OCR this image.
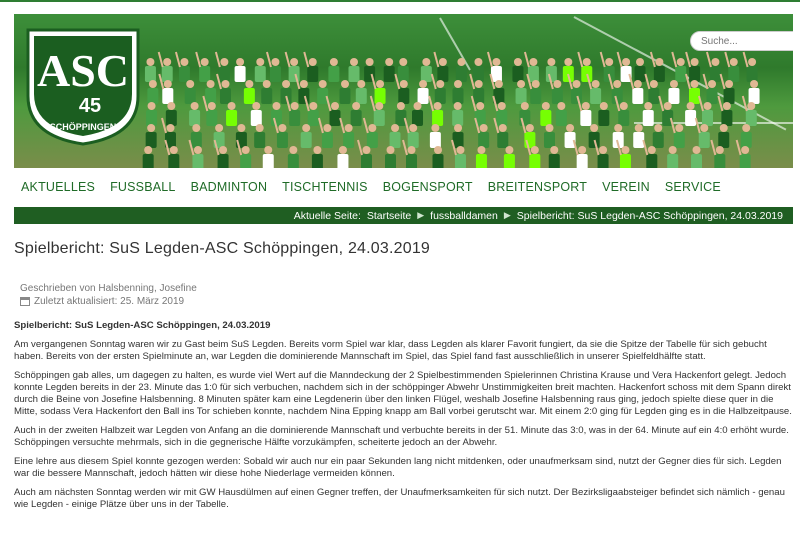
ASC
45
SCHÖPPINGEN
Suche...
AKTUELLES	FUSSBALL	BADMINTON	TISCHTENNIS	BOGENSPORT	BREITENSPORT	VEREIN	SERVICE
Aktuelle Seite: Startseite ▶ fussballdamen ▶ Spielbericht: SuS Legden-ASC Schöppingen, 24.03.2019
Spielbericht: SuS Legden-ASC Schöppingen, 24.03.2019
Geschrieben von Halsbenning, Josefine
Zuletzt aktualisiert: 25. März 2019
Spielbericht: SuS Legden-ASC Schöppingen, 24.03.2019

Am vergangenen Sonntag waren wir zu Gast beim SuS Legden. Bereits vorm Spiel war klar, dass Legden als klarer Favorit fungiert, da sie die Spitze der Tabelle für sich gebucht haben. Bereits von der ersten Spielminute an, war Legden die dominierende Mannschaft im Spiel, das Spiel fand fast ausschließlich in unserer Spielfeldhälfte statt.

Schöppingen gab alles, um dagegen zu halten, es wurde viel Wert auf die Manndeckung der 2 Spielbestimmenden Spielerinnen Christina Krause und Vera Hackenfort gelegt. Jedoch konnte Legden bereits in der 23. Minute das 1:0 für sich verbuchen, nachdem sich in der schöppinger Abwehr Unstimmigkeiten breit machten. Hackenfort schoss mit dem Spann direkt durch die Beine von Josefine Halsbenning. 8 Minuten später kam eine Legdenerin über den linken Flügel, weshalb Josefine Halsbenning raus ging, jedoch spielte diese quer in die Mitte, sodass Vera Hackenfort den Ball ins Tor schieben konnte, nachdem Nina Epping knapp am Ball vorbei gerutscht war. Mit einem 2:0 ging für Legden ging es in die Halbzeitpause.

Auch in der zweiten Halbzeit war Legden von Anfang an die dominierende Mannschaft und verbuchte bereits in der 51. Minute das 3:0, was in der 64. Minute auf ein 4:0 erhöht wurde. Schöppingen versuchte mehrmals, sich in die gegnerische Hälfte vorzukämpfen, scheiterte jedoch an der Abwehr.

Eine lehre aus diesem Spiel konnte gezogen werden: Sobald wir auch nur ein paar Sekunden lang nicht mitdenken, oder unaufmerksam sind, nutzt der Gegner dies für sich. Legden war die bessere Mannschaft, jedoch hätten wir diese hohe Niederlage vermeiden können.

Auch am nächsten Sonntag werden wir mit GW Hausdülmen auf einen Gegner treffen, der Unaufmerksamkeiten für sich nutzt. Der Bezirksligaabsteiger befindet sich nämlich - genau wie Legden - einige Plätze über uns in der Tabelle.
